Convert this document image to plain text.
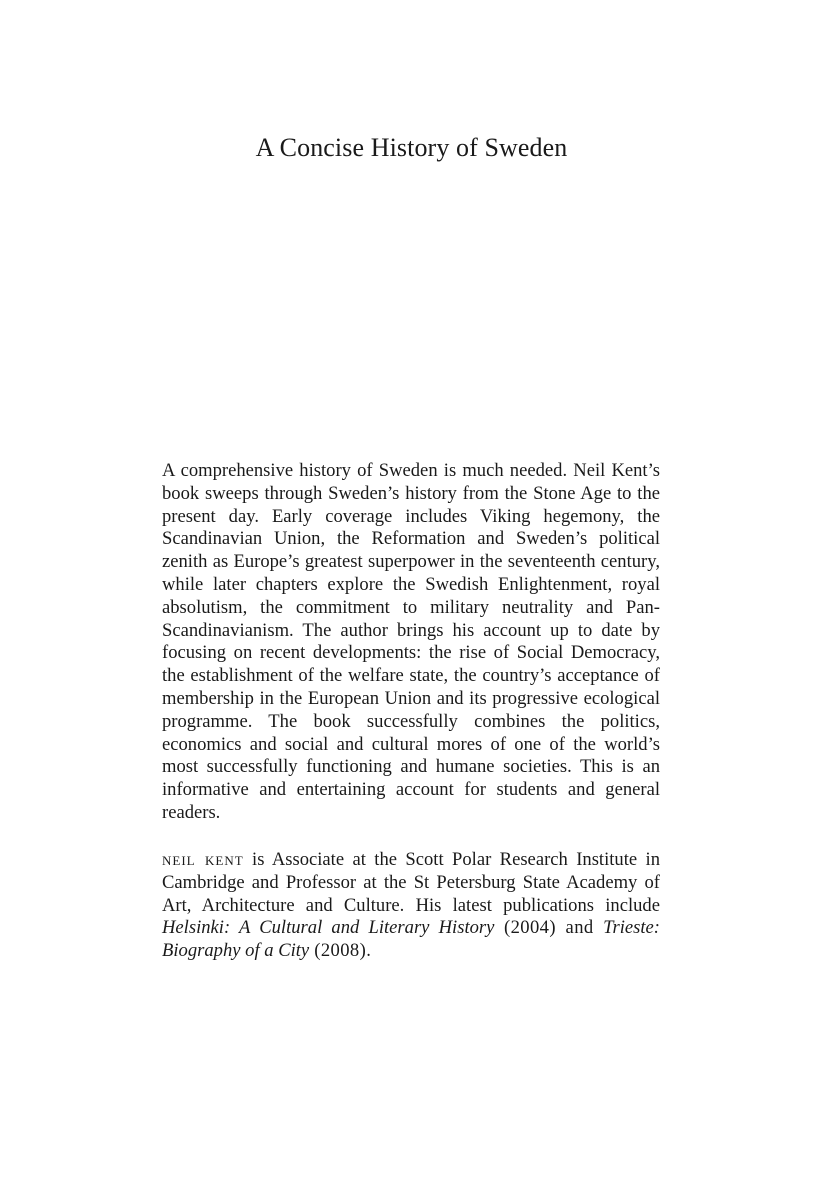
A Concise History of Sweden

A comprehensive history of Sweden is much needed. Neil Kent’s book sweeps through Sweden’s history from the Stone Age to the present day. Early coverage includes Viking hegemony, the Scandinavian Union, the Reformation and Sweden’s political zenith as Europe’s greatest superpower in the seventeenth century, while later chapters explore the Swedish Enlightenment, royal absolutism, the commitment to military neutrality and Pan-Scandinavianism. The author brings his account up to date by focusing on recent developments: the rise of Social Democracy, the establishment of the welfare state, the country’s acceptance of membership in the European Union and its progressive ecological programme. The book successfully combines the politics, economics and social and cultural mores of one of the world’s most successfully functioning and humane societies. This is an informative and entertaining account for students and general readers.

neil kent is Associate at the Scott Polar Research Institute in Cambridge and Professor at the St Petersburg State Academy of Art, Architecture and Culture. His latest publications include Helsinki: A Cultural and Literary History (2004) and Trieste: Biography of a City (2008).
